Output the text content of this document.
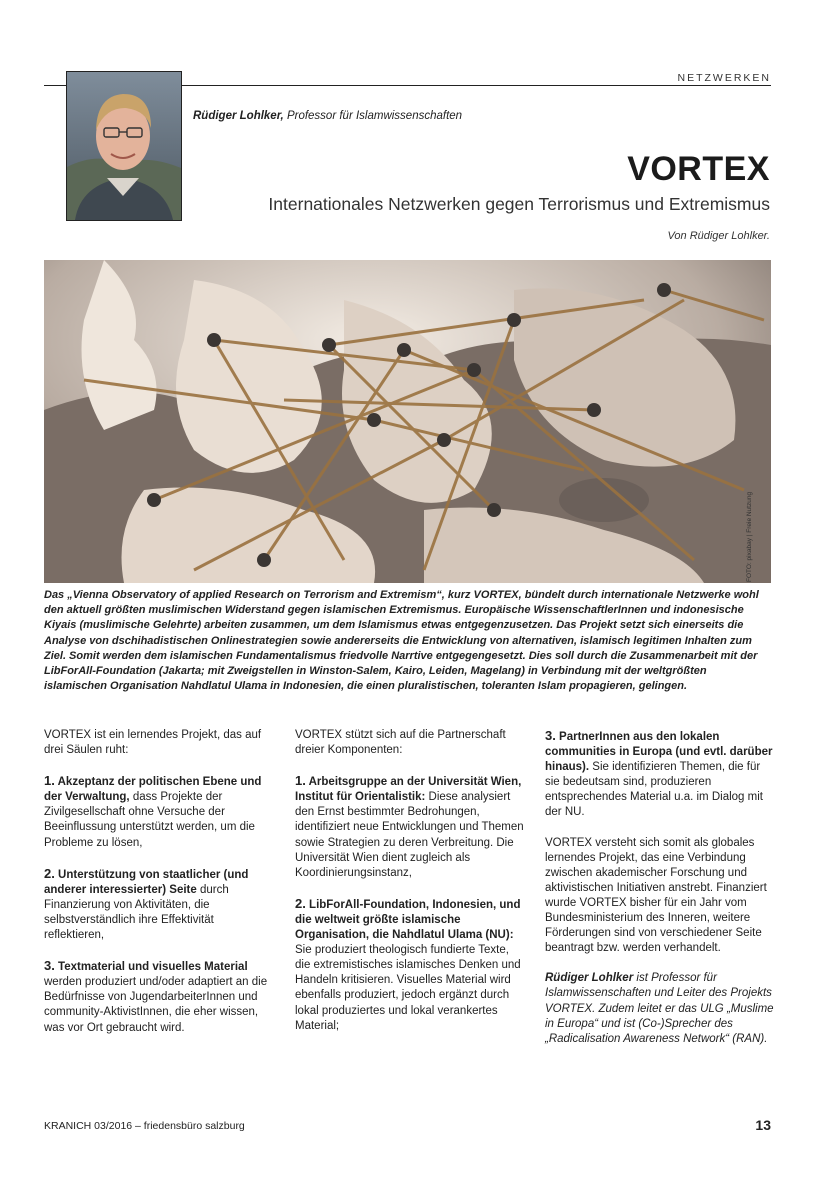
NETZWERKEN
Rüdiger Lohlker, Professor für Islamwissenschaften
VORTEX
Internationales Netzwerken gegen Terrorismus und Extremismus
Von Rüdiger Lohlker.
FOTO: pixabay | Freie Nutzung

Das „Vienna Observatory of applied Research on Terrorism and Extremism“, kurz VORTEX, bündelt durch internationale Netzwerke wohl den aktuell größten muslimischen Widerstand gegen islamischen Extremismus. Europäische WissenschaftlerInnen und indonesische Kiyais (muslimische Gelehrte) arbeiten zusammen, um dem Islamismus etwas entgegenzusetzen. Das Projekt setzt sich einerseits die Analyse von dschihadistischen Onlinestrategien sowie andererseits die Entwicklung von alternativen, islamisch legitimen Inhalten zum Ziel. Somit werden dem islamischen Fundamentalismus friedvolle Narrtive entgegengesetzt. Dies soll durch die Zusammenarbeit mit der LibForAll-Foundation (Jakarta; mit Zweigstellen in Winston-Salem, Kairo, Leiden, Magelang) in Verbindung mit der weltgrößten islamischen Organisation Nahdlatul Ulama in Indonesien, die einen pluralistischen, toleranten Islam propagieren, gelingen.

VORTEX ist ein lernendes Projekt, das auf drei Säulen ruht:

1. Akzeptanz der politischen Ebene und der Verwaltung, dass Projekte der Zivilgesellschaft ohne Versuche der Beeinflussung unterstützt werden, um die Probleme zu lösen,

2. Unterstützung von staatlicher (und anderer interessierter) Seite durch Finanzierung von Aktivitäten, die selbstverständlich ihre Effektivität reflektieren,

3. Textmaterial und visuelles Material werden produziert und/oder adaptiert an die Bedürfnisse von JugendarbeiterInnen und community-AktivistInnen, die eher wissen, was vor Ort gebraucht wird.

VORTEX stützt sich auf die Partnerschaft dreier Komponenten:

1. Arbeitsgruppe an der Universität Wien, Institut für Orientalistik: Diese analysiert den Ernst bestimmter Bedrohungen, identifiziert neue Entwicklungen und Themen sowie Strategien zu deren Verbreitung. Die Universität Wien dient zugleich als Koordinierungsinstanz,

2. LibForAll-Foundation, Indonesien, und die weltweit größte islamische Organisation, die Nahdlatul Ulama (NU): Sie produziert theologisch fundierte Texte, die extremistisches islamisches Denken und Handeln kritisieren. Visuelles Material wird ebenfalls produziert, jedoch ergänzt durch lokal produziertes und lokal verankertes Material;

3. PartnerInnen aus den lokalen communities in Europa (und evtl. darüber hinaus). Sie identifizieren Themen, die für sie bedeutsam sind, produzieren entsprechendes Material u.a. im Dialog mit der NU.

VORTEX versteht sich somit als globales lernendes Projekt, das eine Verbindung zwischen akademischer Forschung und aktivistischen Initiativen anstrebt. Finanziert wurde VORTEX bisher für ein Jahr vom Bundesministerium des Inneren, weitere Förderungen sind von verschiedener Seite beantragt bzw. werden verhandelt.

Rüdiger Lohlker ist Professor für Islamwissenschaften und Leiter des Projekts VORTEX. Zudem leitet er das ULG „Muslime in Europa“ und ist (Co-)Sprecher des „Radicalisation Awareness Network“ (RAN).

KRANICH 03/2016 – friedensbüro salzburg	13
